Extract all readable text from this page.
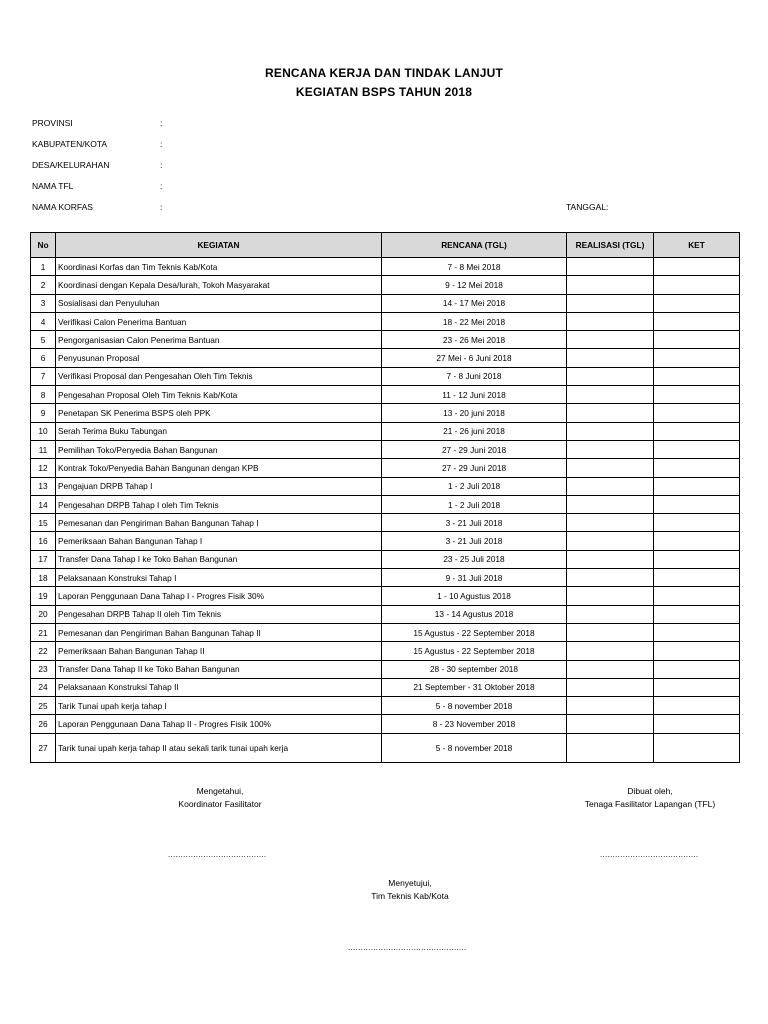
RENCANA KERJA DAN TINDAK LANJUT
KEGIATAN BSPS TAHUN 2018
PROVINSI	:
KABUPATEN/KOTA	:
DESA/KELURAHAN	:
NAMA TFL	:
NAMA KORFAS	:	TANGGAL:
No	KEGIATAN	RENCANA (TGL)	REALISASI (TGL)	KET
1	Koordinasi Korfas dan Tim Teknis Kab/Kota	7 - 8 Mei 2018		
2	Koordinasi dengan Kepala Desa/lurah, Tokoh Masyarakat	9 - 12 Mei 2018		
3	Sosialisasi dan Penyuluhan	14 - 17 Mei 2018		
4	Verifikasi Calon Penerima Bantuan	18 - 22 Mei 2018		
5	Pengorganisasian Calon Penerima Bantuan	23 - 26 Mei 2018		
6	Penyusunan Proposal	27 Mei - 6 Juni 2018		
7	Verifikasi Proposal dan Pengesahan Oleh Tim Teknis	7 - 8 Juni 2018		
8	Pengesahan Proposal Oleh Tim Teknis Kab/Kota	11 - 12 Juni 2018		
9	Penetapan SK Penerima BSPS oleh PPK	13 - 20 juni 2018		
10	Serah Terima Buku Tabungan	21 - 26 juni 2018		
11	Pemilihan Toko/Penyedia Bahan Bangunan	27 - 29 Juni 2018		
12	Kontrak Toko/Penyedia Bahan Bangunan dengan KPB	27 - 29 Juni 2018		
13	Pengajuan DRPB Tahap I	1 - 2 Juli 2018		
14	Pengesahan DRPB Tahap I oleh Tim Teknis	1 - 2 Juli 2018		
15	Pemesanan dan Pengiriman Bahan Bangunan Tahap I	3 - 21 Juli 2018		
16	Pemeriksaan Bahan Bangunan Tahap I	3 - 21 Juli 2018		
17	Transfer Dana Tahap I ke Toko Bahan Bangunan	23 - 25 Juli 2018		
18	Pelaksanaan Konstruksi Tahap I	9 - 31 Juli 2018		
19	Laporan Penggunaan Dana Tahap I - Progres Fisik 30%	1 - 10 Agustus 2018		
20	Pengesahan DRPB Tahap II oleh Tim Teknis	13 - 14 Agustus 2018		
21	Pemesanan dan Pengiriman Bahan Bangunan Tahap II	15 Agustus - 22 September 2018		
22	Pemeriksaan Bahan Bangunan Tahap II	15 Agustus - 22 September 2018		
23	Transfer Dana Tahap II ke Toko Bahan Bangunan	28 - 30 september 2018		
24	Pelaksanaan Konstruksi Tahap II	21 September - 31 Oktober 2018		
25	Tarik Tunai upah kerja tahap I	5 - 8 november 2018		
26	Laporan Penggunaan Dana Tahap II - Progres Fisik 100%	8 - 23 November 2018		
27	Tarik tunai upah kerja tahap II atau sekali tarik tunai upah kerja	5 - 8 november 2018		
Mengetahui,
Koordinator Fasilitator
.......................................
Dibuat oleh,
Tenaga Fasilitator Lapangan (TFL)
.......................................
Menyetujui,
Tim Teknis Kab/Kota
...............................................
